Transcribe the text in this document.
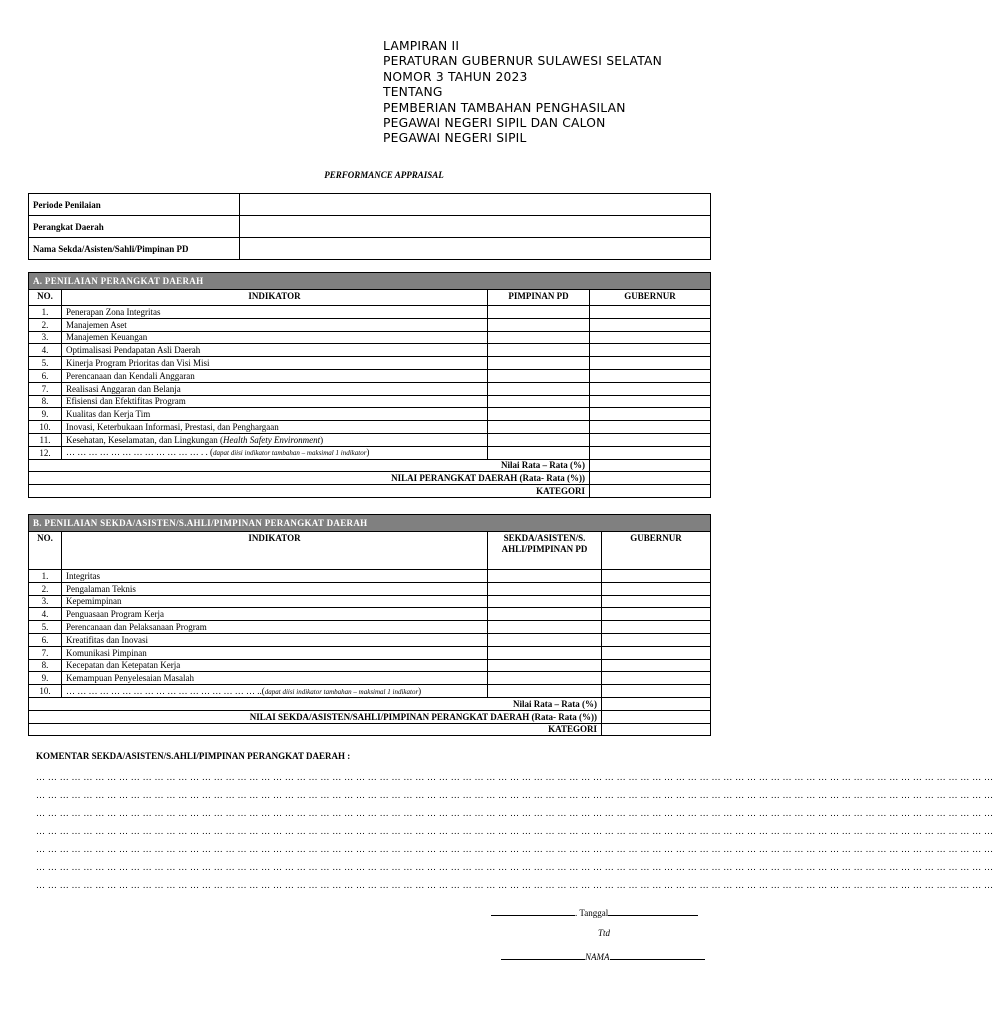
LAMPIRAN II
PERATURAN GUBERNUR SULAWESI SELATAN
NOMOR 3 TAHUN 2023
TENTANG
PEMBERIAN TAMBAHAN PENGHASILAN
PEGAWAI NEGERI SIPIL DAN CALON
PEGAWAI NEGERI SIPIL
PERFORMANCE APPRAISAL
Periode Penilaian	
Perangkat Daerah	
Nama Sekda/Asisten/Sahli/Pimpinan PD	
A. PENILAIAN PERANGKAT DAERAH			
NO.	INDIKATOR	PIMPINAN PD	GUBERNUR
1.	Penerapan Zona Integritas		
2.	Manajemen Aset		
3.	Manajemen Keuangan		
4.	Optimalisasi Pendapatan Asli Daerah		
5.	Kinerja Program Prioritas dan Visi Misi		
6.	Perencanaan dan Kendali Anggaran		
7.	Realisasi Anggaran dan Belanja		
8.	Efisiensi dan Efektifitas Program		
9.	Kualitas dan Kerja Tim		
10.	Inovasi, Keterbukaan Informasi, Prestasi, dan Penghargaan		
11.	Kesehatan, Keselamatan, dan Lingkungan (Health Safety Environment)		
12.	… … … … … … … … … … … … . . (dapat diisi indikator tambahan – maksimal 1 indikator)		
Nilai Rata – Rata (%)			
NILAI PERANGKAT DAERAH (Rata- Rata (%))			
KATEGORI			
B. PENILAIAN SEKDA/ASISTEN/S.AHLI/PIMPINAN PERANGKAT DAERAH			
NO.	INDIKATOR	SEKDA/ASISTEN/S. AHLI/PIMPINAN PD	GUBERNUR
1.	Integritas		
2.	Pengalaman Teknis		
3.	Kepemimpinan		
4.	Penguasaan Program Kerja		
5.	Perencanaan dan Pelaksanaan Program		
6.	Kreatifitas dan Inovasi		
7.	Komunikasi Pimpinan		
8.	Kecepatan dan Ketepatan Kerja		
9.	Kemampuan Penyelesaian Masalah		
10.	… … … … … … … … … … … … … … … … … ..(dapat diisi indikator tambahan – maksimal 1 indikator)		
Nilai Rata – Rata (%)			
NILAI SEKDA/ASISTEN/SAHLI/PIMPINAN PERANGKAT DAERAH (Rata- Rata (%))			
KATEGORI			
KOMENTAR SEKDA/ASISTEN/S.AHLI/PIMPINAN PERANGKAT DAERAH :
… … … … … … … … … … … … … … … … … … … … … … … … … … … … … … … … … … … … … … … … … … … … … … … … … … … … … … … … … … … … … … … … … … … … … … … … … … … … … … … … …
… … … … … … … … … … … … … … … … … … … … … … … … … … … … … … … … … … … … … … … … … … … … … … … … … … … … … … … … … … … … … … … … … … … … … … … … … … … … … … … … …
… … … … … … … … … … … … … … … … … … … … … … … … … … … … … … … … … … … … … … … … … … … … … … … … … … … … … … … … … … … … … … … … … … … … … … … … … … … … … … … … …
… … … … … … … … … … … … … … … … … … … … … … … … … … … … … … … … … … … … … … … … … … … … … … … … … … … … … … … … … … … … … … … … … … … … … … … … … … … … … … … … …
… … … … … … … … … … … … … … … … … … … … … … … … … … … … … … … … … … … … … … … … … … … … … … … … … … … … … … … … … … … … … … … … … … … … … … … … … … … … … … … … …
… … … … … … … … … … … … … … … … … … … … … … … … … … … … … … … … … … … … … … … … … … … … … … … … … … … … … … … … … … … … … … … … … … … … … … … … … … … … … … … … …
… … … … … … … … … … … … … … … … … … … … … … … … … … … … … … … … … … … … … … … … … … … … … … … … … … … … … … … … … … … … … … … … … … … … … … … … … … … … … … … … …
. Tanggal
Ttd
NAMA
